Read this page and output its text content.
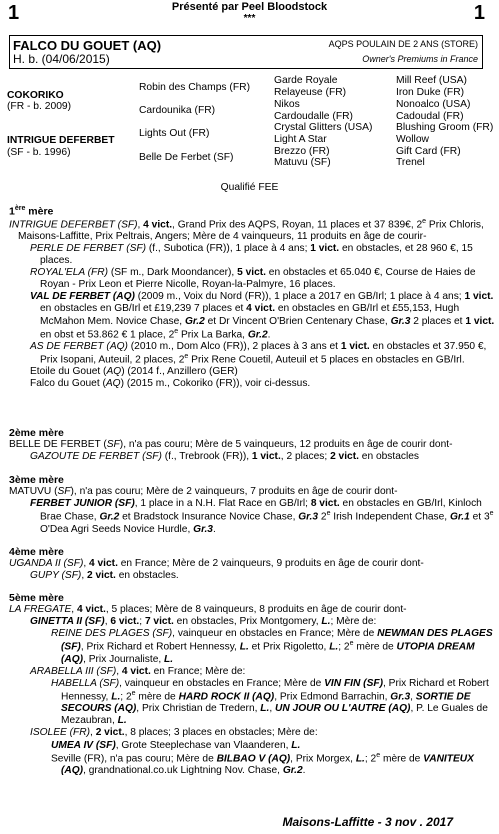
1	1
Présenté par Peel Bloodstock
***
FALCO DU GOUET (AQ)
H. b. (04/06/2015)
AQPS POULAIN DE 2 ANS (STORE)
Owner's Premiums in France
COKORIKO
(FR - b. 2009)
INTRIGUE DEFERBET
(SF - b. 1996)
Robin des Champs (FR)
Cardounika (FR)
Lights Out (FR)
Belle De Ferbet (SF)
Garde Royale
Relayeuse (FR)
Nikos
Cardoudalle (FR)
Crystal Glitters (USA)
Light A Star
Brezzo (FR)
Matuvu (SF)
Mill Reef (USA)
Iron Duke (FR)
Nonoalco (USA)
Cadoudal (FR)
Blushing Groom (FR)
Wollow
Gift Card (FR)
Trenel
Qualifié FEE

1ère mère

INTRIGUE DEFERBET (SF), 4 vict., Grand Prix des AQPS, Royan, 11 places et 37 839€, 2e Prix Chloris, Maisons-Laffitte, Prix Peltrais, Angers; Mère de 4 vainqueurs, 11 produits en âge de courir-

PERLE DE FERBET (SF) (f., Subotica (FR)), 1 place à 4 ans; 1 vict. en obstacles, et 28 960 €, 15 places.

ROYAL'ELA (FR) (SF m., Dark Moondancer), 5 vict. en obstacles et 65.040 €, Course de Haies de Royan - Prix Leon et Pierre Nicolle, Royan-la-Palmyre, 16 places.

VAL DE FERBET (AQ) (2009 m., Voix du Nord (FR)), 1 place a 2017 en GB/Irl; 1 place à 4 ans; 1 vict. en obstacles en GB/Irl et £19,239 7 places et 4 vict. en obstacles en GB/Irl et £55,153, Hugh McMahon Mem. Novice Chase, Gr.2 et Dr Vincent O'Brien Centenary Chase, Gr.3 2 places et 1 vict. en obst et 53.862 € 1 place, 2e Prix La Barka, Gr.2.

AS DE FERBET (AQ) (2010 m., Dom Alco (FR)), 2 places à 3 ans et 1 vict. en obstacles et 37.950 €, Prix Isopani, Auteuil, 2 places, 2e Prix Rene Couetil, Auteuil et 5 places en obstacles en GB/Irl.

Etoile du Gouet (AQ) (2014 f., Anzillero (GER)

Falco du Gouet (AQ) (2015 m., Cokoriko (FR)), voir ci-dessus.

2ème mère

BELLE DE FERBET (SF), n'a pas couru; Mère de 5 vainqueurs, 12 produits en âge de courir dont-

GAZOUTE DE FERBET (SF) (f., Trebrook (FR)), 1 vict., 2 places; 2 vict. en obstacles

3ème mère

MATUVU (SF), n'a pas couru; Mère de 2 vainqueurs, 7 produits en âge de courir dont-

FERBET JUNIOR (SF), 1 place in a N.H. Flat Race en GB/Irl; 8 vict. en obstacles en GB/Irl, Kinloch Brae Chase, Gr.2 et Bradstock Insurance Novice Chase, Gr.3 2e Irish Independent Chase, Gr.1 et 3e O'Dea Agri Seeds Novice Hurdle, Gr.3.

4ème mère

UGANDA II (SF), 4 vict. en France; Mère de 2 vainqueurs, 9 produits en âge de courir dont-

GUPY (SF), 2 vict. en obstacles.

5ème mère

LA FREGATE, 4 vict., 5 places; Mère de 8 vainqueurs, 8 produits en âge de courir dont-

GINETTA II (SF), 6 vict.; 7 vict. en obstacles, Prix Montgomery, L.; Mère de:

REINE DES PLAGES (SF), vainqueur en obstacles en France; Mère de NEWMAN DES PLAGES (SF), Prix Richard et Robert Hennessy, L. et Prix Rigoletto, L.; 2e mère de UTOPIA DREAM (AQ), Prix Journaliste, L.

ARABELLA III (SF), 4 vict. en France; Mère de:

HABELLA (SF), vainqueur en obstacles en France; Mère de VIN FIN (SF), Prix Richard et Robert Hennessy, L.; 2e mère de HARD ROCK II (AQ), Prix Edmond Barrachin, Gr.3, SORTIE DE SECOURS (AQ), Prix Christian de Tredern, L., UN JOUR OU L'AUTRE (AQ), P. Le Guales de Mezaubran, L.

ISOLEE (FR), 2 vict., 8 places; 3 places en obstacles; Mère de:

UMEA IV (SF), Grote Steeplechase van Vlaanderen, L.

Seville (FR), n'a pas couru; Mère de BILBAO V (AQ), Prix Morgex, L.; 2e mère de VANITEUX (AQ), grandnational.co.uk Lightning Nov. Chase, Gr.2.

Maisons-Laffitte - 3 nov . 2017
